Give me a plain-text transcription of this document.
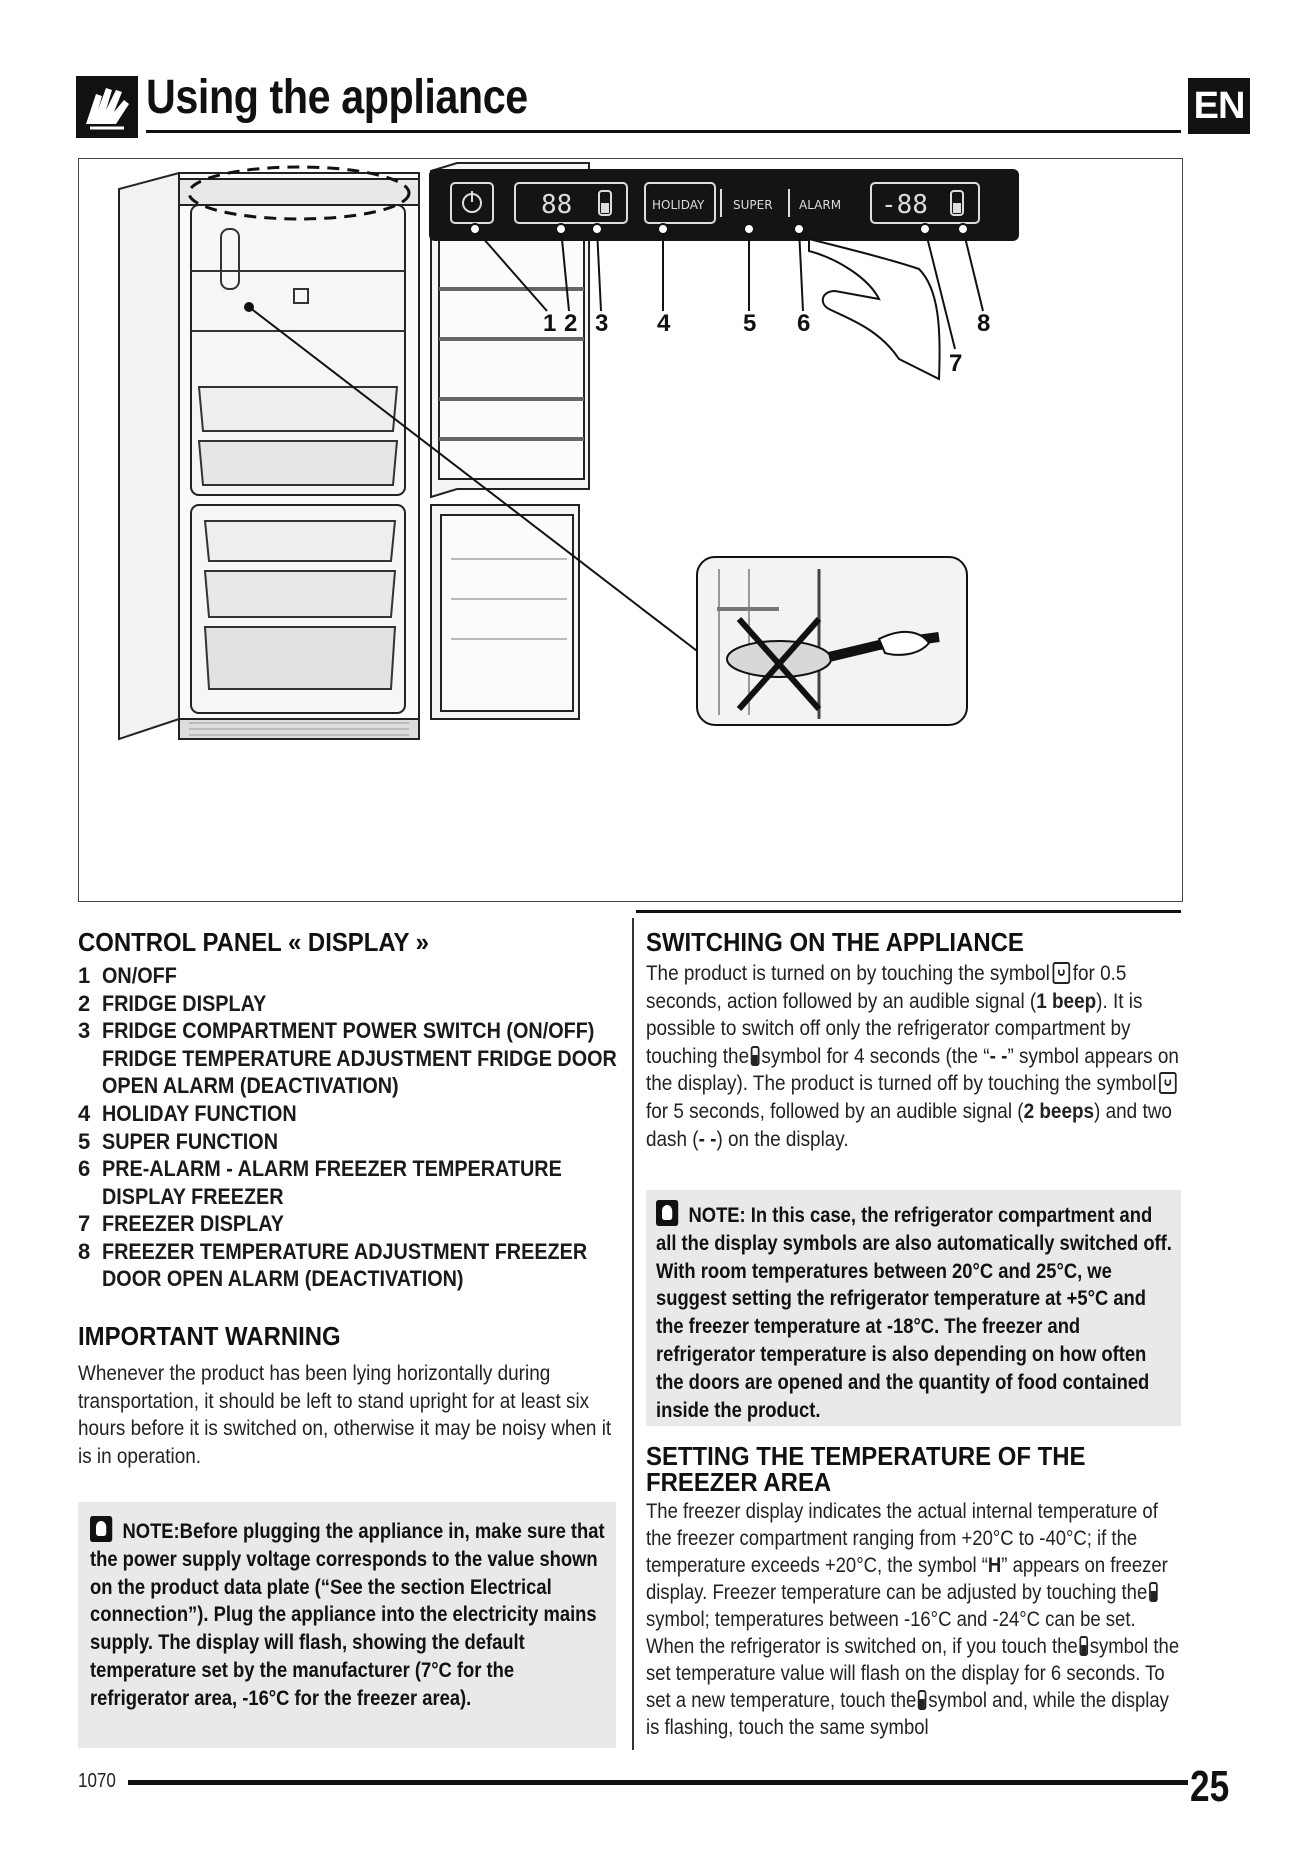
Using the appliance	EN
88	HOLIDAY SUPER ALARM -88
1 2 3 4	5 6
7
8
CONTROL PANEL « DISPLAY »
1 ON/OFF
2 FRIDGE DISPLAY
3 FRIDGE COMPARTMENT POWER SWITCH (ON/OFF) FRIDGE TEMPERATURE ADJUSTMENT FRIDGE DOOR OPEN ALARM (DEACTIVATION)
4 HOLIDAY FUNCTION
5 SUPER FUNCTION
6 PRE-ALARM - ALARM FREEZER TEMPERATURE DISPLAY FREEZER
7 FREEZER DISPLAY
8 FREEZER TEMPERATURE ADJUSTMENT FREEZER DOOR OPEN ALARM (DEACTIVATION)
IMPORTANT WARNING
Whenever the product has been lying horizontally during transportation, it should be left to stand upright for at least six hours before it is switched on, otherwise it may be noisy when it is in operation.
NOTE:Before plugging the appliance in, make sure that the power supply voltage corresponds to the value shown on the product data plate (“See the section Electrical connection”). Plug the appliance into the electricity mains supply. The display will flash, showing the default temperature set by the manufacturer (7°C for the refrigerator area, -16°C for the freezer area).
SWITCHING ON THE APPLIANCE
The product is turned on by touching the symbol for 0.5 seconds, action followed by an audible signal (1 beep). It is possible to switch off only the refrigerator compartment by touching the symbol for 4 seconds (the “- -” symbol appears on the display). The product is turned off by touching the symbolfor 5 seconds, followed by an audible signal (2 beeps) and two dash (- -) on the display.
NOTE: In this case, the refrigerator compartment and all the display symbols are also automatically switched off. With room temperatures between 20°C and 25°C, we suggest setting the refrigerator temperature at +5°C and the freezer temperature at -18°C. The freezer and refrigerator temperature is also depending on how often the doors are opened and the quantity of food contained inside the product.
SETTING THE TEMPERATURE OF THE
FREEZER AREA
The freezer display indicates the actual internal temperature of the freezer compartment ranging from +20°C to -40°C; if the temperature exceeds +20°C, the symbol “H” appears on freezer display. Freezer temperature can be adjusted by touching thesymbol; temperatures between -16°C and -24°C can be set. When the refrigerator is switched on, if you touch the symbol the set temperature value will flash on the display for 6 seconds. To set a new temperature, touch the symbol and, while the display is flashing, touch the same symbol
1070	25
